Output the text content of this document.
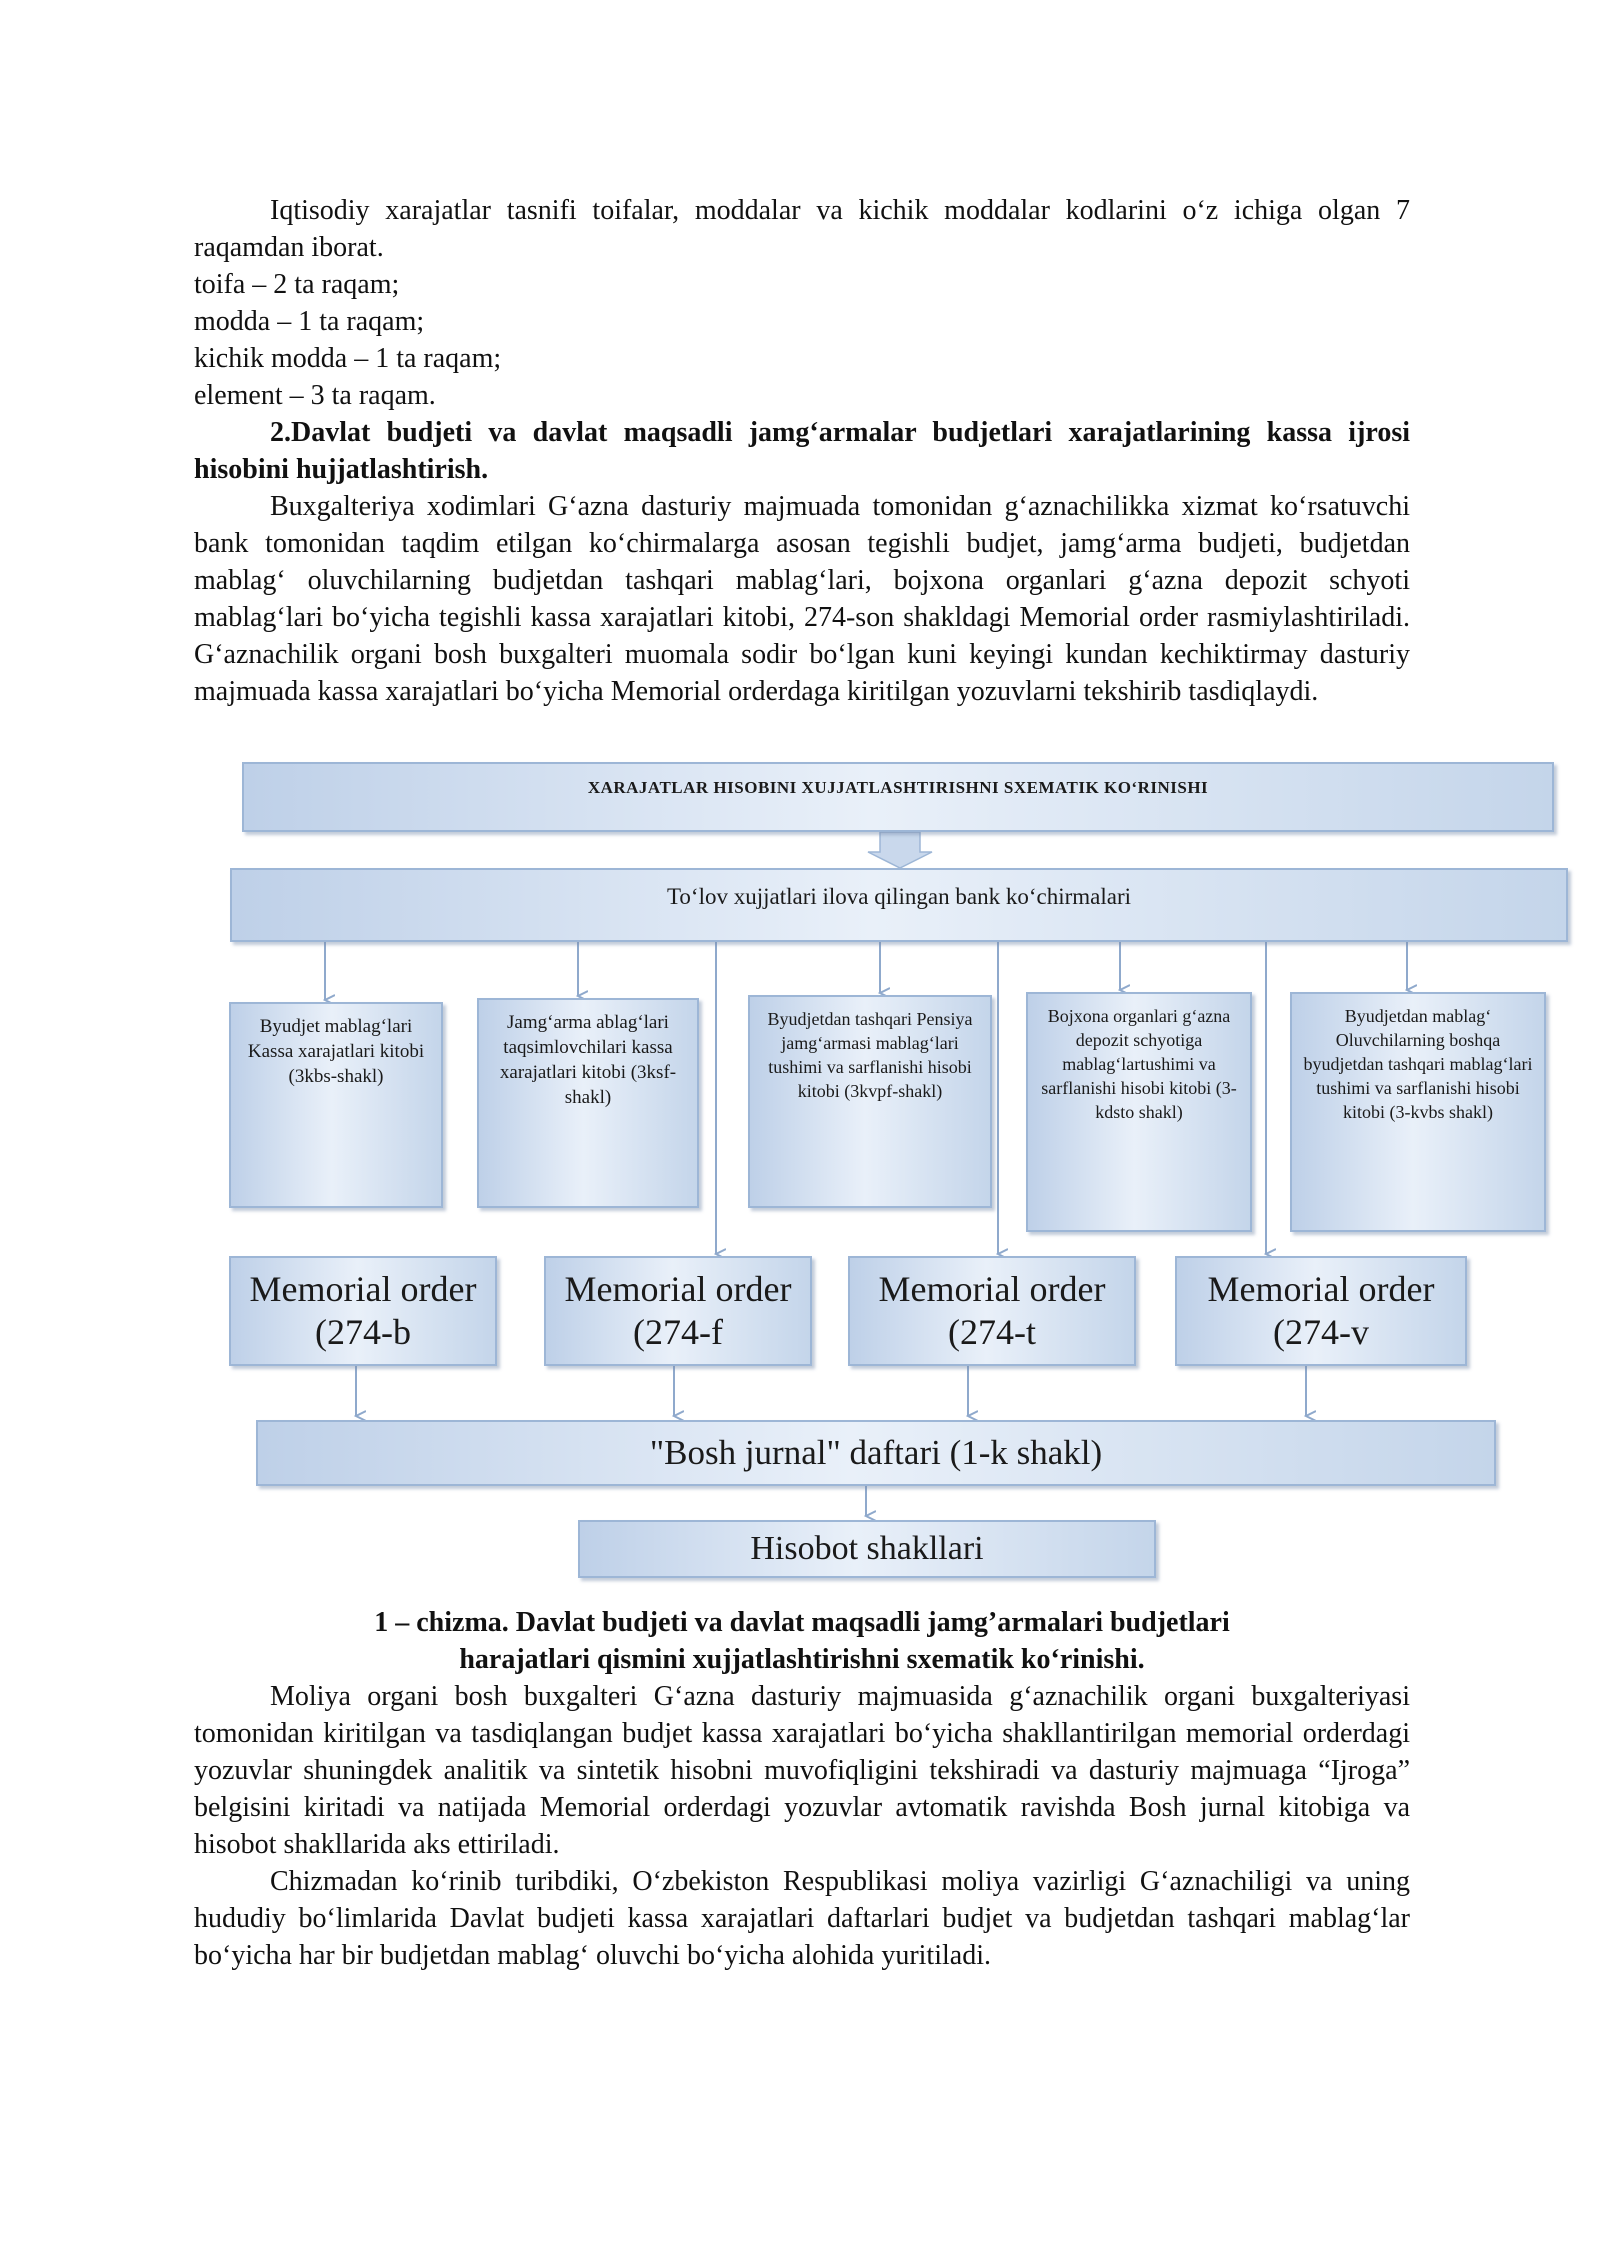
Iqtisodiy xarajatlar tasnifi toifalar, moddalar va kichik moddalar kodlarini o‘z ichiga olgan 7 raqamdan iborat.

toifa – 2 ta raqam;

modda – 1 ta raqam;

kichik modda – 1 ta raqam;

element – 3 ta raqam.

2.Davlat budjeti va davlat maqsadli jamg‘armalar budjetlari xarajatlarining kassa ijrosi hisobini hujjatlashtirish.

Buxgalteriya xodimlari G‘azna dasturiy majmuada tomonidan g‘aznachilikka xizmat ko‘rsatuvchi bank tomonidan taqdim etilgan ko‘chirmalarga asosan tegishli budjet, jamg‘arma budjeti, budjetdan mablag‘ oluvchilarning budjetdan tashqari mablag‘lari, bojxona organlari g‘azna depozit schyoti mablag‘lari bo‘yicha tegishli kassa xarajatlari kitobi, 274-son shakldagi Memorial order rasmiylashtiriladi. G‘aznachilik organi bosh buxgalteri muomala sodir bo‘lgan kuni keyingi kundan kechiktirmay dasturiy majmuada kassa xarajatlari bo‘yicha Memorial orderdaga kiritilgan yozuvlarni tekshirib tasdiqlaydi.

XARAJATLAR HISOBINI XUJJATLASHTIRISHNI SXEMATIK KO‘RINISHI
To‘lov xujjatlari ilova qilingan bank ko‘chirmalari
Byudjet mablag‘lari Kassa xarajatlari kitobi (3kbs-shakl)
Jamg‘arma ablag‘lari taqsimlovchilari kassa xarajatlari kitobi (3ksf-shakl)
Byudjetdan tashqari Pensiya jamg‘armasi mablag‘lari tushimi va sarflanishi hisobi kitobi (3kvpf-shakl)
Bojxona organlari g‘azna depozit schyotiga mablag‘lartushimi va sarflanishi hisobi kitobi (3- kdsto shakl)
Byudjetdan mablag‘ Oluvchilarning boshqa byudjetdan tashqari mablag‘lari tushimi va sarflanishi hisobi kitobi (3-kvbs shakl)
Memorial order (274-b
Memorial order (274-f
Memorial order (274-t
Memorial order (274-v
"Bosh jurnal" daftari (1-k shakl)
Hisobot shakllari

1 – chizma. Davlat budjeti va davlat maqsadli jamg’armalari budjetlari

harajatlari qismini xujjatlashtirishni sxematik ko‘rinishi.

Moliya organi bosh buxgalteri G‘azna dasturiy majmuasida g‘aznachilik organi buxgalteriyasi tomonidan kiritilgan va tasdiqlangan budjet kassa xarajatlari bo‘yicha shakllantirilgan memorial orderdagi yozuvlar shuningdek analitik va sintetik hisobni muvofiqligini tekshiradi va dasturiy majmuaga “Ijroga” belgisini kiritadi va natijada Memorial orderdagi yozuvlar avtomatik ravishda Bosh jurnal kitobiga va hisobot shakllarida aks ettiriladi.

Chizmadan ko‘rinib turibdiki, O‘zbekiston Respublikasi moliya vazirligi G‘aznachiligi va uning hududiy bo‘limlarida Davlat budjeti kassa xarajatlari daftarlari budjet va budjetdan tashqari mablag‘lar bo‘yicha har bir budjetdan mablag‘ oluvchi bo‘yicha alohida yuritiladi.
